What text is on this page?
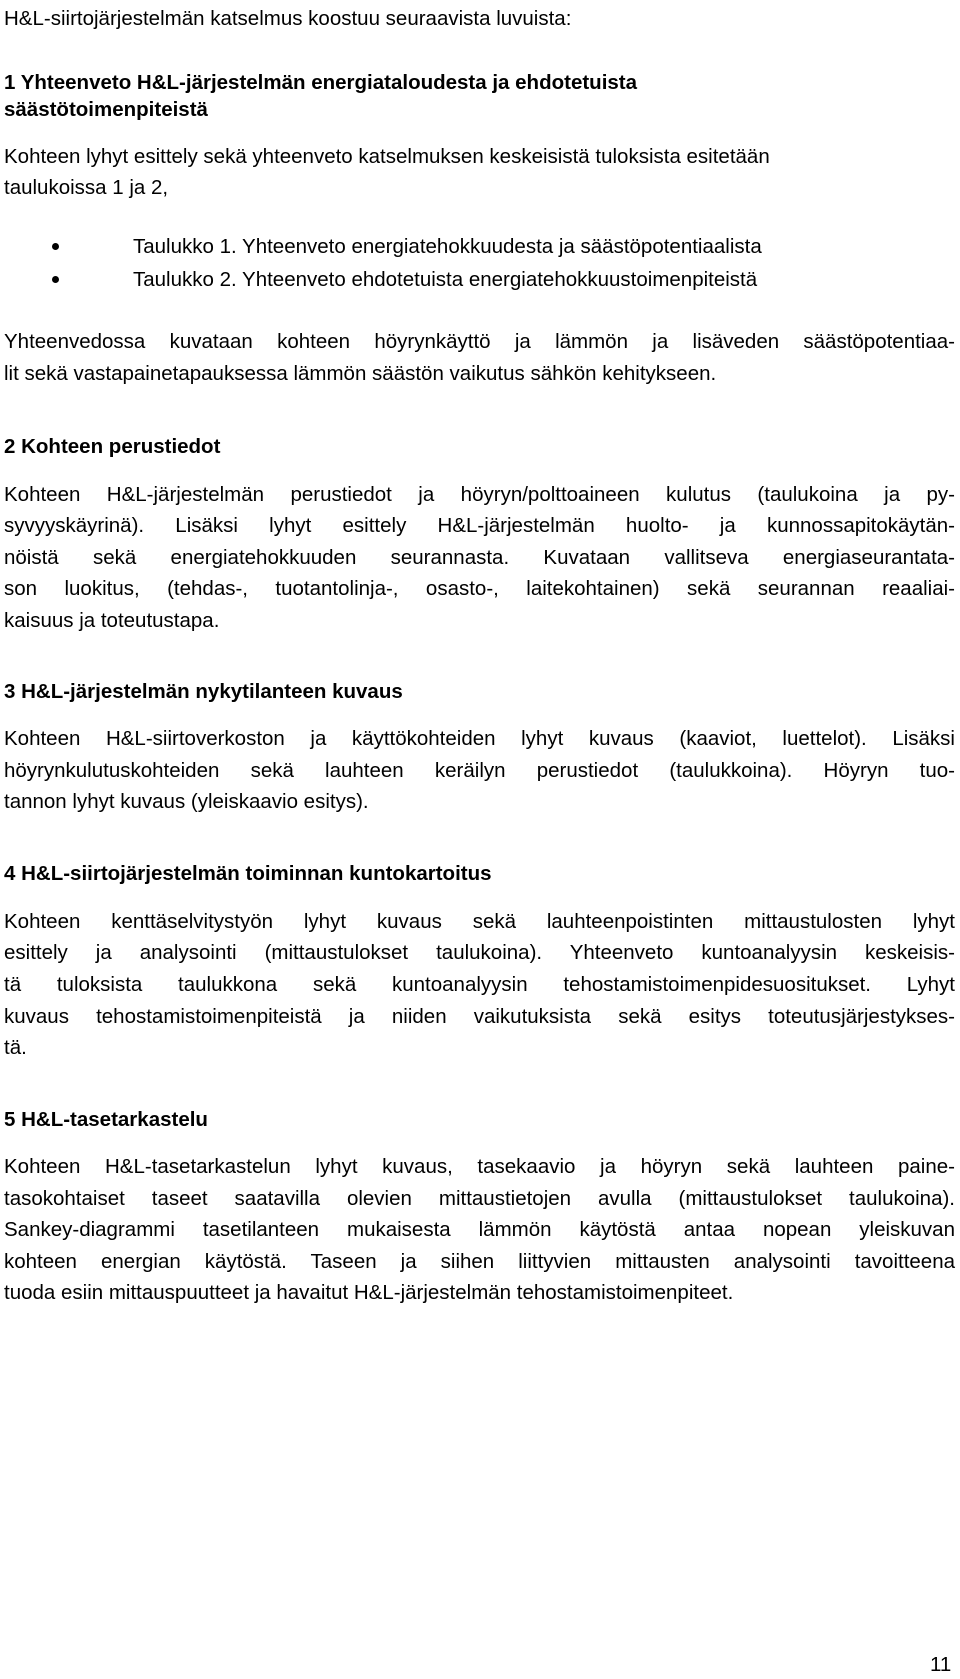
H&L-siirtojärjestelmän katselmus koostuu seuraavista luvuista:

1 Yhteenveto H&L-järjestelmän energiataloudesta ja ehdotetuista

säästötoimenpiteistä

Kohteen lyhyt esittely sekä yhteenveto katselmuksen keskeisistä tuloksista esitetään

taulukoissa 1 ja 2,

Taulukko 1. Yhteenveto energiatehokkuudesta ja säästöpotentiaalista

Taulukko 2. Yhteenveto ehdotetuista energiatehokkuustoimenpiteistä

Yhteenvedossa kuvataan kohteen höyrynkäyttö ja lämmön ja lisäveden säästöpotentiaa-

lit sekä vastapainetapauksessa lämmön säästön vaikutus sähkön kehitykseen.

2 Kohteen perustiedot

Kohteen H&L-järjestelmän perustiedot ja höyryn/polttoaineen kulutus (taulukoina ja py-

syvyyskäyrinä). Lisäksi lyhyt esittely H&L-järjestelmän huolto- ja kunnossapitokäytän-

nöistä sekä energiatehokkuuden seurannasta. Kuvataan vallitseva energiaseurantata-

son luokitus, (tehdas-, tuotantolinja-, osasto-, laitekohtainen) sekä seurannan reaaliai-

kaisuus ja toteutustapa.

3 H&L-järjestelmän nykytilanteen kuvaus

Kohteen H&L-siirtoverkoston ja käyttökohteiden lyhyt kuvaus (kaaviot, luettelot). Lisäksi

höyrynkulutuskohteiden sekä lauhteen keräilyn perustiedot (taulukkoina). Höyryn tuo-

tannon lyhyt kuvaus (yleiskaavio esitys).

4 H&L-siirtojärjestelmän toiminnan kuntokartoitus

Kohteen kenttäselvitystyön lyhyt kuvaus sekä lauhteenpoistinten mittaustulosten lyhyt

esittely ja analysointi (mittaustulokset taulukoina). Yhteenveto kuntoanalyysin keskeisis-

tä tuloksista taulukkona sekä kuntoanalyysin tehostamistoimenpidesuositukset. Lyhyt

kuvaus tehostamistoimenpiteistä ja niiden vaikutuksista sekä esitys toteutusjärjestykses-

tä.

5 H&L-tasetarkastelu

Kohteen H&L-tasetarkastelun lyhyt kuvaus, tasekaavio ja höyryn sekä lauhteen paine-

tasokohtaiset taseet saatavilla olevien mittaustietojen avulla (mittaustulokset taulukoina).

Sankey-diagrammi tasetilanteen mukaisesta lämmön käytöstä antaa nopean yleiskuvan

kohteen energian käytöstä. Taseen ja siihen liittyvien mittausten analysointi tavoitteena

tuoda esiin mittauspuutteet ja havaitut H&L-järjestelmän tehostamistoimenpiteet.

11
